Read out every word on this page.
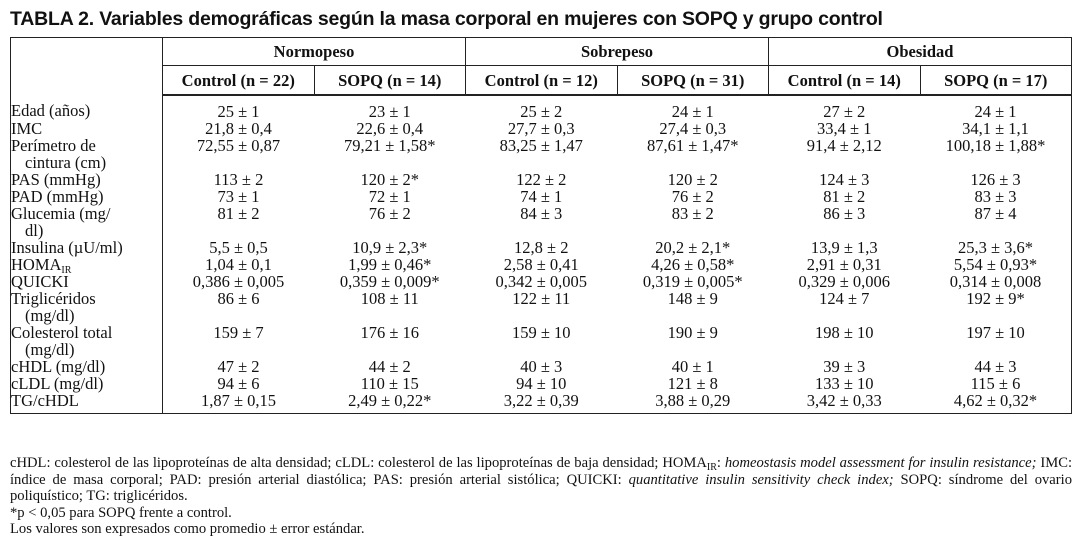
TABLA 2. Variables demográficas según la masa corporal en mujeres con SOPQ y grupo control
	Normopeso		Sobrepeso		Obesidad	
	Control (n = 22)	SOPQ (n = 14)	Control (n = 12)	SOPQ (n = 31)	Control (n = 14)	SOPQ (n = 17)
Edad (años)	25 ± 1	23 ± 1	25 ± 2	24 ± 1	27 ± 2	24 ± 1
IMC	21,8 ± 0,4	22,6 ± 0,4	27,7 ± 0,3	27,4 ± 0,3	33,4 ± 1	34,1 ± 1,1
Perímetro de
cintura (cm)	72,55 ± 0,87	79,21 ± 1,58*	83,25 ± 1,47	87,61 ± 1,47*	91,4 ± 2,12	100,18 ± 1,88*
PAS (mmHg)	113 ± 2	120 ± 2*	122 ± 2	120 ± 2	124 ± 3	126 ± 3
PAD (mmHg)	73 ± 1	72 ± 1	74 ± 1	76 ± 2	81 ± 2	83 ± 3
Glucemia (mg/
dl)	81 ± 2	76 ± 2	84 ± 3	83 ± 2	86 ± 3	87 ± 4
Insulina (µU/ml)	5,5 ± 0,5	10,9 ± 2,3*	12,8 ± 2	20,2 ± 2,1*	13,9 ± 1,3	25,3 ± 3,6*
$HOMA_{IR}$	1,04 ± 0,1	1,99 ± 0,46*	2,58 ± 0,41	4,26 ± 0,58*	2,91 ± 0,31	5,54 ± 0,93*
QUICKI	0,386 ± 0,005	0,359 ± 0,009*	0,342 ± 0,005	0,319 ± 0,005*	0,329 ± 0,006	0,314 ± 0,008
Triglicéridos
(mg/dl)	86 ± 6	108 ± 11	122 ± 11	148 ± 9	124 ± 7	192 ± 9*
Colesterol total
(mg/dl)	159 ± 7	176 ± 16	159 ± 10	190 ± 9	198 ± 10	197 ± 10
cHDL (mg/dl)	47 ± 2	44 ± 2	40 ± 3	40 ± 1	39 ± 3	44 ± 3
cLDL (mg/dl)	94 ± 6	110 ± 15	94 ± 10	121 ± 8	133 ± 10	115 ± 6
TG/cHDL	1,87 ± 0,15	2,49 ± 0,22*	3,22 ± 0,39	3,88 ± 0,29	3,42 ± 0,33	4,62 ± 0,32*

cHDL: colesterol de las lipoproteínas de alta densidad; cLDL: colesterol de las lipoproteínas de baja densidad; $HOMA_{IR}$: homeostasis model assessment for insulin resistance; IMC: índice de masa corporal; PAD: presión arterial diastólica; PAS: presión arterial sistólica; QUICKI: quantitative insulin sensitivity check index; SOPQ: síndrome del ovario poliquístico; TG: triglicéridos.

*p < 0,05 para SOPQ frente a control.

Los valores son expresados como promedio ± error estándar.
